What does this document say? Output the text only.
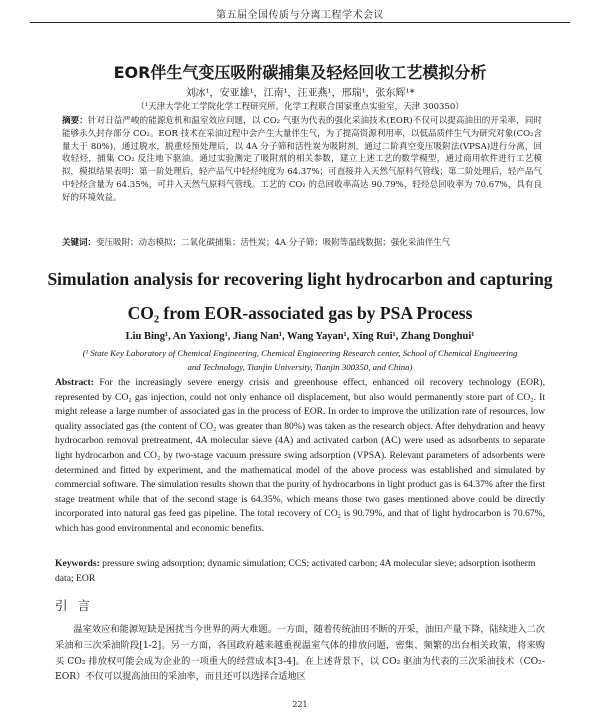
第五届全国传质与分离工程学术会议
EOR伴生气变压吸附碳捕集及轻烃回收工艺模拟分析
刘冰¹，安亚雄¹，江南¹，汪亚燕¹，邢瑞¹，张东辉¹*
（¹天津大学化工学院化学工程研究所，化学工程联合国家重点实验室，天津 300350）
摘要：针对日益严峻的能源危机和温室效应问题，以 CO₂ 气驱为代表的强化采油技术(EOR)不仅可以提高油田的开采率，同时能够永久封存部分 CO₂。EOR 技术在采油过程中会产生大量伴生气，为了提高资源利用率，以低品质伴生气为研究对象(CO₂含量大于 80%)，通过脱水，脱重烃预处理后，以 4A 分子筛和活性炭为吸附剂，通过二阶真空变压吸附法(VPSA)进行分离，回收轻烃，捕集 CO₂ 反注地下驱油。通过实验测定了吸附剂的相关参数，建立上述工艺的数学模型，通过商用软件进行工艺模拟，模拟结果表明：第一阶处理后，轻产品气中轻烃纯度为 64.37%；可直接并入天然气原料气管线；第二阶处理后，轻产品气中轻烃含量为 64.35%，可并入天然气原料气管线。工艺的 CO₂ 的总回收率高达 90.79%，轻烃总回收率为 70.67%，具有良好的环境效益。
关键词：变压吸附；动态模拟；二氧化碳捕集；活性炭；4A 分子筛；吸附等温线数据；强化采油伴生气
Simulation analysis for recovering light hydrocarbon and capturing
CO₂ from EOR-associated gas by PSA Process
Liu Bing¹, An Yaxiong¹, Jiang Nan¹, Wang Yayan¹, Xing Rui¹, Zhang Donghui¹
(¹ State Key Laboratory of Chemical Engineering, Chemical Engineering Research center, School of Chemical Engineering
and Technology, Tianjin University, Tianjin 300350, and China)
Abstract: For the increasingly severe energy crisis and greenhouse effect, enhanced oil recovery technology (EOR), represented by CO₂ gas injection, could not only enhance oil displacement, but also would permanently store part of CO₂. It might release a large number of associated gas in the process of EOR. In order to improve the utilization rate of resources, low quality associated gas (the content of CO₂ was greater than 80%) was taken as the research object. After dehydration and heavy hydrocarbon removal pretreatment, 4A molecular sieve (4A) and activated carbon (AC) were used as adsorbents to separate light hydrocarbon and CO₂ by two-stage vacuum pressure swing adsorption (VPSA). Relevant parameters of adsorbents were determined and fitted by experiment, and the mathematical model of the above process was established and simulated by commercial software. The simulation results shown that the purity of hydrocarbons in light product gas is 64.37% after the first stage treatment while that of the second stage is 64.35%, which means those two gases mentioned above could be directly incorporated into natural gas feed gas pipeline. The total recovery of CO₂ is 90.79%, and that of light hydrocarbon is 70.67%, which has good environmental and economic benefits.
Keywords: pressure swing adsorption; dynamic simulation; CCS; activated carbon; 4A molecular sieve; adsorption isotherm data; EOR
引言
温室效应和能源短缺是困扰当今世界的两大难题。一方面，随着传统油田不断的开采，油田产量下降，陆续进入二次采油和三次采油阶段[1-2]。另一方面，各国政府越来越重视温室气体的排放问题，密集、频繁的出台相关政策，将来购买 CO₂ 排放权可能会成为企业的一项重大的经营成本[3-4]。在上述背景下，以 CO₂ 驱油为代表的三次采油技术（CO₂-EOR）不仅可以提高油田的采油率，而且还可以选择合适地区
221
